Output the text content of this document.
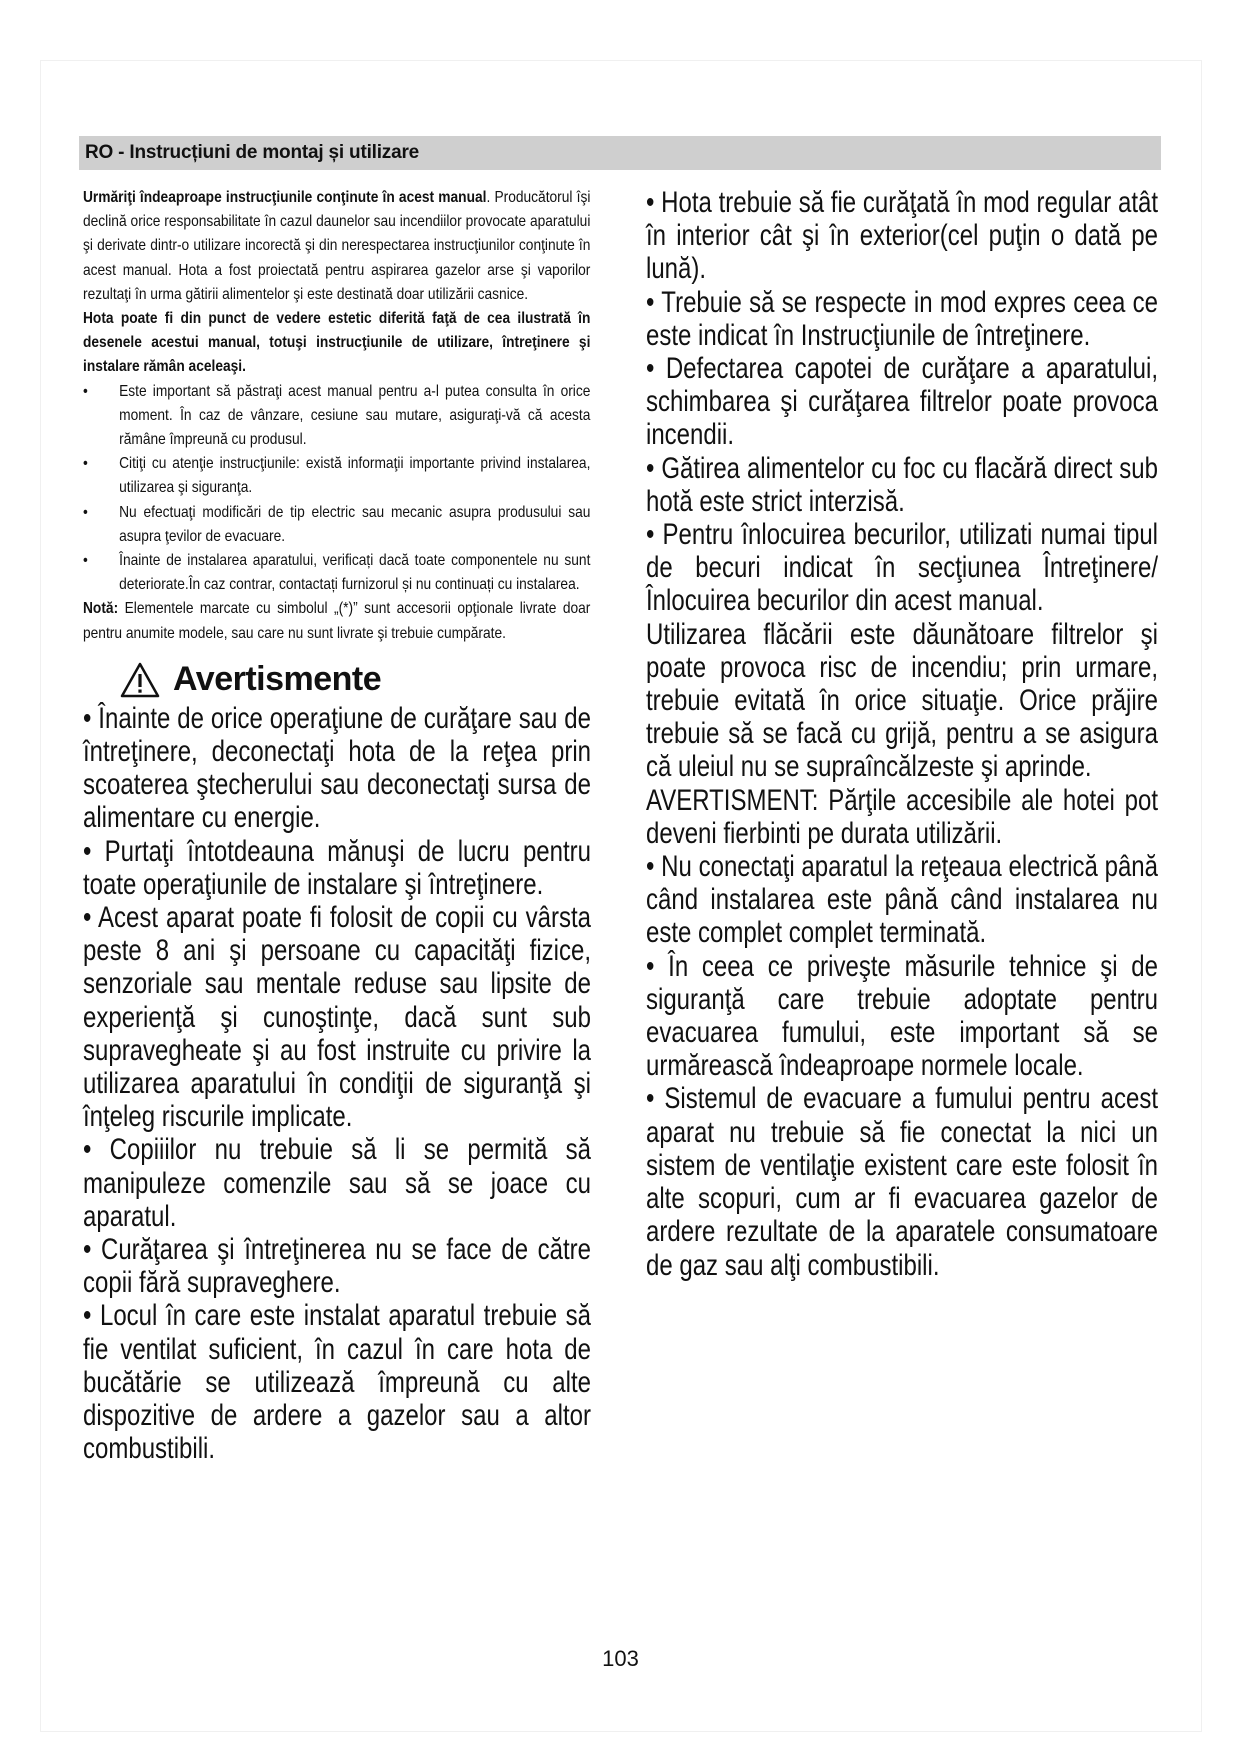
RO - Instrucțiuni de montaj și utilizare

Urmăriţi îndeaproape instrucţiunile conţinute în acest manual. Producătorul îşi declină orice responsabilitate în cazul daunelor sau incendiilor provocate aparatului şi derivate dintr-o utilizare incorectă şi din nerespectarea instrucţiunilor conţinute în acest manual. Hota a fost proiectată pentru aspirarea gazelor arse şi vaporilor rezultaţi în urma gătirii alimentelor şi este destinată doar utilizării casnice.

Hota poate fi din punct de vedere estetic diferită faţă de cea ilustrată în desenele acestui manual, totuşi instrucţiunile de utilizare, întreţinere şi instalare rămân aceleaşi.

• Este important să păstraţi acest manual pentru a-l putea consulta în orice moment. În caz de vânzare, cesiune sau mutare, asiguraţi-vă că acesta rămâne împreună cu produsul.
• Citiţi cu atenţie instrucţiunile: există informaţii importante privind instalarea, utilizarea şi siguranţa.
• Nu efectuaţi modificări de tip electric sau mecanic asupra produsului sau asupra ţevilor de evacuare.
• Înainte de instalarea aparatului, verificați dacă toate componentele nu sunt deteriorate.În caz contrar, contactați furnizorul și nu continuați cu instalarea.

Notă: Elementele marcate cu simbolul „(*)” sunt accesorii opţionale livrate doar pentru anumite modele, sau care nu sunt livrate şi trebuie cumpărate.

Avertismente

• Înainte de orice operaţiune de curăţare sau de întreţinere, deconectaţi hota de la reţea prin scoaterea ştecherului sau deconectaţi sursa de alimentare cu energie.

• Purtaţi întotdeauna mănuşi de lucru pentru toate operaţiunile de instalare şi întreţinere.

• Acest aparat poate fi folosit de copii cu vârsta peste 8 ani şi persoane cu capacităţi fizice, senzoriale sau mentale reduse sau lipsite de experienţă şi cunoştinţe, dacă sunt sub supravegheate şi au fost instruite cu privire la utilizarea aparatului în condiţii de siguranţă şi înţeleg riscurile implicate.

• Copiiilor nu trebuie să li se permită să manipuleze comenzile sau să se joace cu aparatul.

• Curăţarea şi întreţinerea nu se face de către copii fără supraveghere.

• Locul în care este instalat aparatul trebuie să fie ventilat suficient, în cazul în care hota de bucătărie se utilizează împreună cu alte dispozitive de ardere a gazelor sau a altor combustibili.

• Hota trebuie să fie curăţată în mod regular atât în interior cât şi în exterior(cel puţin o dată pe lună).

• Trebuie să se respecte in mod expres ceea ce este indicat în Instrucţiunile de întreţinere.

• Defectarea capotei de curăţare a aparatului, schimbarea şi curăţarea filtrelor poate provoca incendii.

• Gătirea alimentelor cu foc cu flacără direct sub hotă este strict interzisă.

• Pentru înlocuirea becurilor, utilizati numai tipul de becuri indicat în secţiunea Întreţinere/Înlocuirea becurilor din acest manual.

Utilizarea flăcării este dăunătoare filtrelor şi poate provoca risc de incendiu; prin urmare, trebuie evitată în orice situaţie. Orice prăjire trebuie să se facă cu grijă, pentru a se asigura că uleiul nu se supraîncălzeste şi aprinde.

AVERTISMENT: Părţile accesibile ale hotei pot deveni fierbinti pe durata utilizării.

• Nu conectaţi aparatul la reţeaua electrică până când instalarea este până când instalarea nu este complet complet terminată.

• În ceea ce priveşte măsurile tehnice şi de siguranţă care trebuie adoptate pentru evacuarea fumului, este important să se urmărească îndeaproape normele locale.

• Sistemul de evacuare a fumului pentru acest aparat nu trebuie să fie conectat la nici un sistem de ventilaţie existent care este folosit în alte scopuri, cum ar fi evacuarea gazelor de ardere rezultate de la aparatele consumatoare de gaz sau alţi combustibili.

103
